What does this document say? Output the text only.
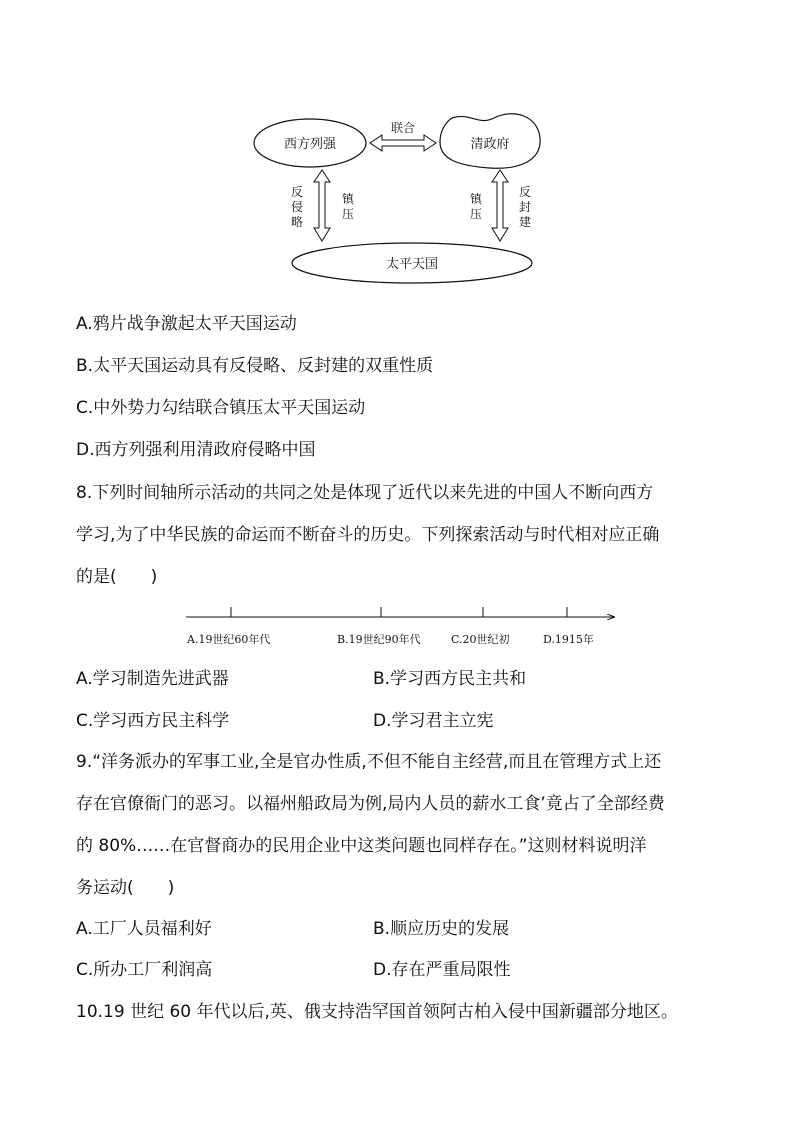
西方列强	清政府
太平天国
联合
反侵略
镇压
镇压
反封建
A.鸦片战争激起太平天国运动
B.太平天国运动具有反侵略、反封建的双重性质
C.中外势力勾结联合镇压太平天国运动
D.西方列强利用清政府侵略中国
8.下列时间轴所示活动的共同之处是体现了近代以来先进的中国人不断向西方
学习,为了中华民族的命运而不断奋斗的历史。下列探索活动与时代相对应正确
的是(　　)
A.19世纪60年代	B.19世纪90年代	C.20世纪初	D.1915年
A.学习制造先进武器	B.学习西方民主共和
C.学习西方民主科学	D.学习君主立宪
9.“洋务派办的军事工业,全是官办性质,不但不能自主经营,而且在管理方式上还
存在官僚衙门的恶习。以福州船政局为例,局内人员的薪水工食’竟占了全部经费
的 80%……在官督商办的民用企业中这类问题也同样存在。”这则材料说明洋
务运动(　　)
A.工厂人员福利好	B.顺应历史的发展
C.所办工厂利润高	D.存在严重局限性
10.19 世纪 60 年代以后,英、俄支持浩罕国首领阿古柏入侵中国新疆部分地区。
